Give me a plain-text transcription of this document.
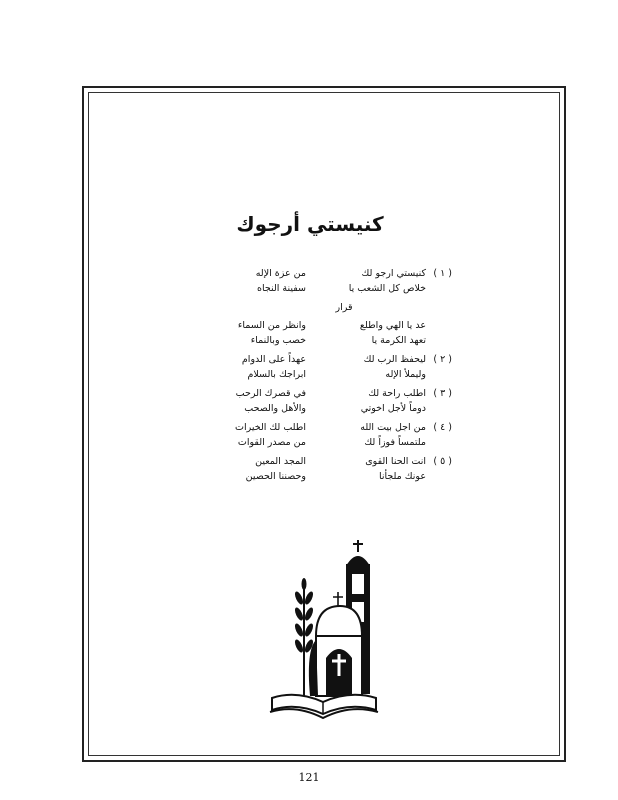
كنيستي أرجوك
( ١ )
كنيستي ارجو لك
من عزة الإله
خلاص كل الشعب يا
سفينة النجاه
قرار
عد يا الهي واطلع
وانظر من السماء
تعهد الكرمة يا
خصب وبالنماء
( ٢ )
ليحفظ الرب لك
عهداً على الدوام
وليملأ الإله
ابراجك بالسلام
( ٣ )
اطلب راحة لك
في قصرك الرحب
دوماً لأجل اخوتي
والأهل والصحب
( ٤ )
من اجل بيت الله
اطلب لك الخيرات
ملتمساً فوزاً لك
من مصدر القوات
( ٥ )
انت الحنا القوى
المجد المعين
عونك ملجأنا
وحصننا الحصين
121
